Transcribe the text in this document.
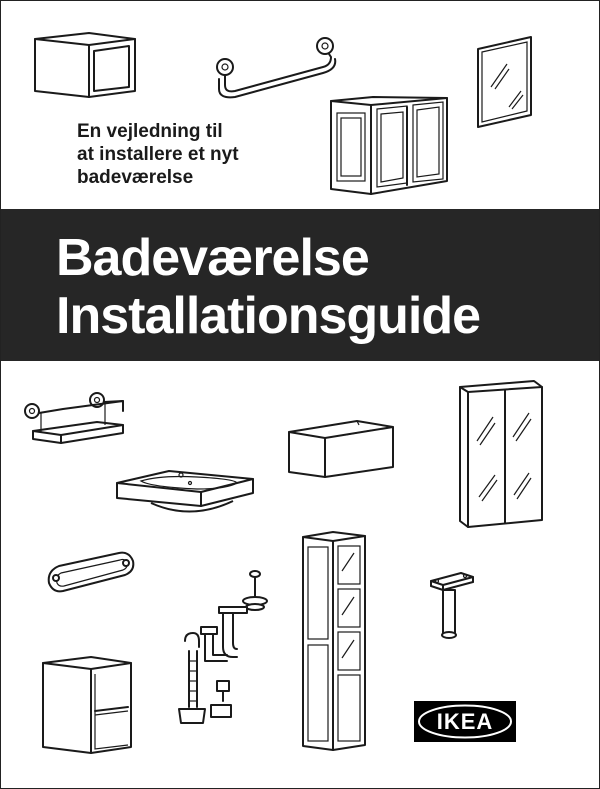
En vejledning til
at installere et nyt
badeværelse
Badeværelse
Installationsguide
IKEA
